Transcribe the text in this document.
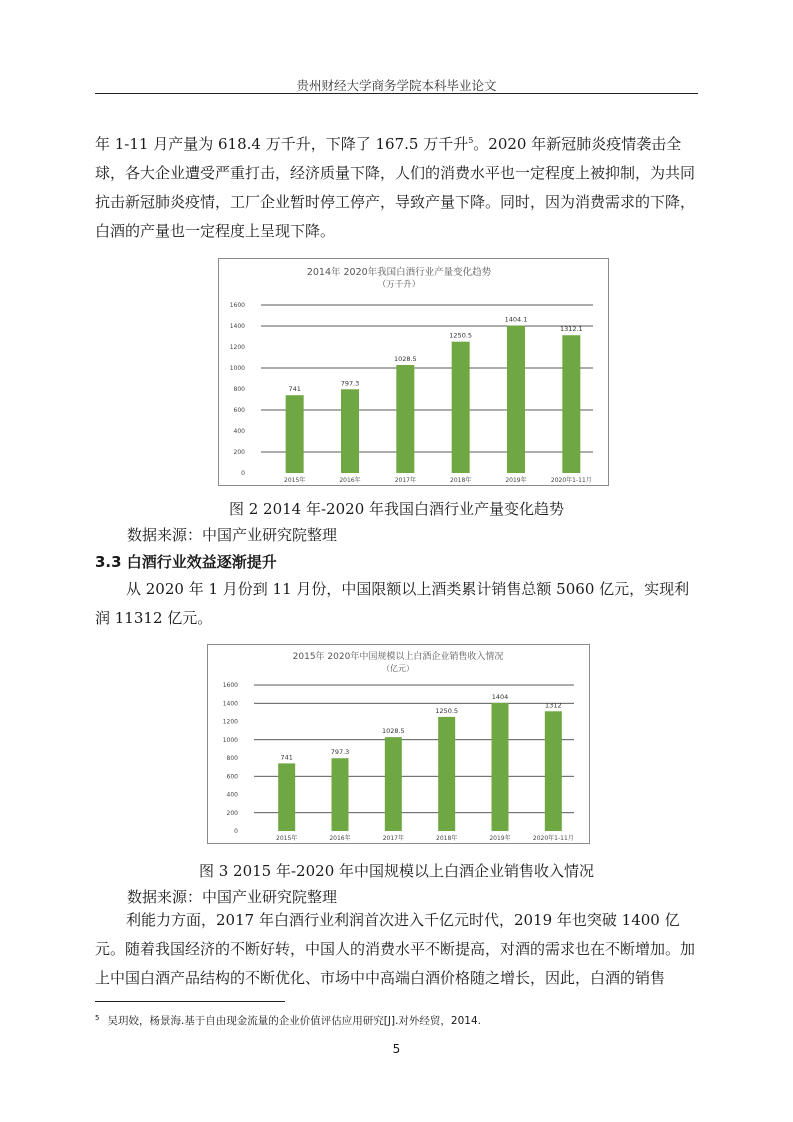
贵州财经大学商务学院本科毕业论文

年 1-11 月产量为 618.4 万千升，下降了 167.5 万千升$^5$。2020 年新冠肺炎疫情袭击全球，各大企业遭受严重打击，经济质量下降，人们的消费水平也一定程度上被抑制，为共同抗击新冠肺炎疫情，工厂企业暂时停工停产，导致产量下降。同时，因为消费需求的下降，白酒的产量也一定程度上呈现下降。

2014年 2020年我国白酒行业产量变化趋势
（万千升）
1600
1400
1200
1000
800
600
400
200
0
741
2015年
797.3
2016年
1028.5
2017年
1250.5
2018年
1404.1
2019年
1312.1
2020年1-11月
图 2 2014 年-2020 年我国白酒行业产量变化趋势
数据来源：中国产业研究院整理
3.3 白酒行业效益逐渐提升

从 2020 年 1 月份到 11 月份，中国限额以上酒类累计销售总额 5060 亿元，实现利润 11312 亿元。

2015年 2020年中国规模以上白酒企业销售收入情况
（亿元）
1600
1400
1200
1000
800
600
400
200
0
741
2015年
797.3
2016年
1028.5
2017年
1250.5
2018年
1404
2019年
1312
2020年1-11月
图 3 2015 年-2020 年中国规模以上白酒企业销售收入情况
数据来源：中国产业研究院整理

利能力方面，2017 年白酒行业利润首次进入千亿元时代，2019 年也突破 1400 亿元。随着我国经济的不断好转，中国人的消费水平不断提高，对酒的需求也在不断增加。加上中国白酒产品结构的不断优化、市场中中高端白酒价格随之增长，因此，白酒的销售

$^5$ 吴玥姣，杨景海.基于自由现金流量的企业价值评估应用研究[J].对外经贸，2014.
5
